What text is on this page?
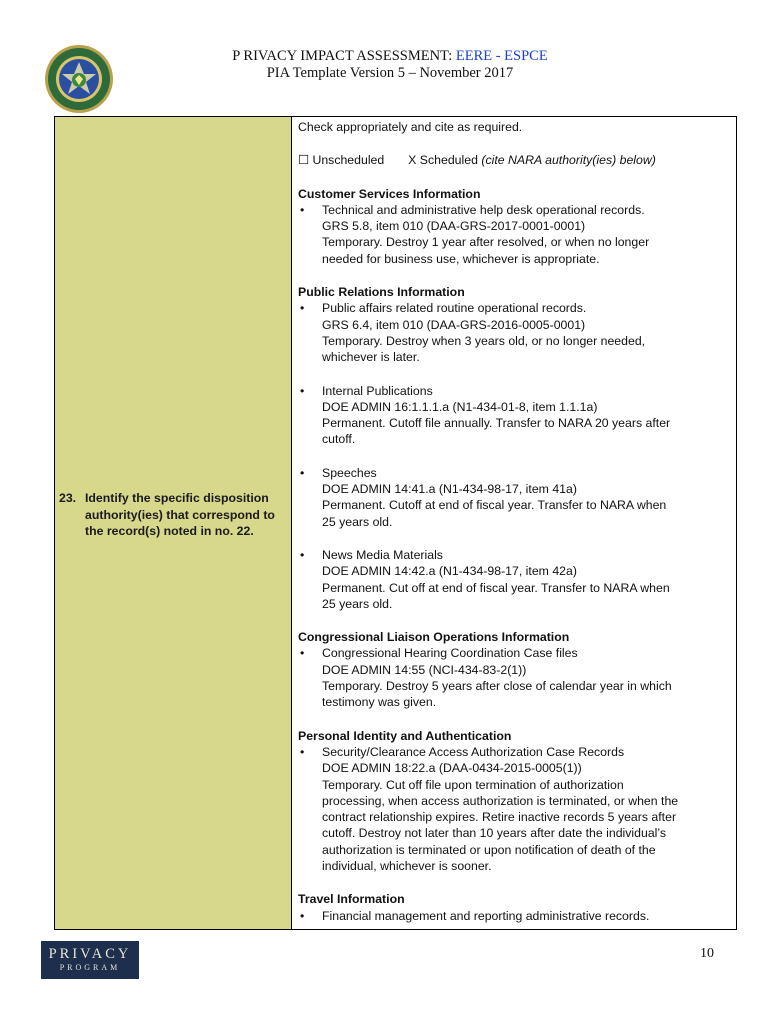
P RIVACY IMPACT ASSESSMENT: EERE - ESPCE
PIA Template Version 5 – November 2017
23. Identify the specific disposition authority(ies) that correspond to the record(s) noted in no. 22.

Check appropriately and cite as required.

☐ Unscheduled X Scheduled (cite NARA authority(ies) below)

Customer Services Information

•	Technical and administrative help desk operational records.
GRS 5.8, item 010 (DAA-GRS-2017-0001-0001)
Temporary. Destroy 1 year after resolved, or when no longer
needed for business use, whichever is appropriate.

Public Relations Information

•	Public affairs related routine operational records.
GRS 6.4, item 010 (DAA-GRS-2016-0005-0001)
Temporary. Destroy when 3 years old, or no longer needed,
whichever is later.
•	Internal Publications
DOE ADMIN 16:1.1.1.a (N1-434-01-8, item 1.1.1a)
Permanent. Cutoff file annually. Transfer to NARA 20 years after
cutoff.
•	Speeches
DOE ADMIN 14:41.a (N1-434-98-17, item 41a)
Permanent. Cutoff at end of fiscal year. Transfer to NARA when
25 years old.
•	News Media Materials
DOE ADMIN 14:42.a (N1-434-98-17, item 42a)
Permanent. Cut off at end of fiscal year. Transfer to NARA when
25 years old.

Congressional Liaison Operations Information

•	Congressional Hearing Coordination Case files
DOE ADMIN 14:55 (NCI-434-83-2(1))
Temporary. Destroy 5 years after close of calendar year in which
testimony was given.

Personal Identity and Authentication

•	Security/Clearance Access Authorization Case Records
DOE ADMIN 18:22.a (DAA-0434-2015-0005(1))
Temporary. Cut off file upon termination of authorization
processing, when access authorization is terminated, or when the
contract relationship expires. Retire inactive records 5 years after
cutoff. Destroy not later than 10 years after date the individual’s
authorization is terminated or upon notification of death of the
individual, whichever is sooner.

Travel Information

•	Financial management and reporting administrative records.
PRIVACY
PROGRAM
10
